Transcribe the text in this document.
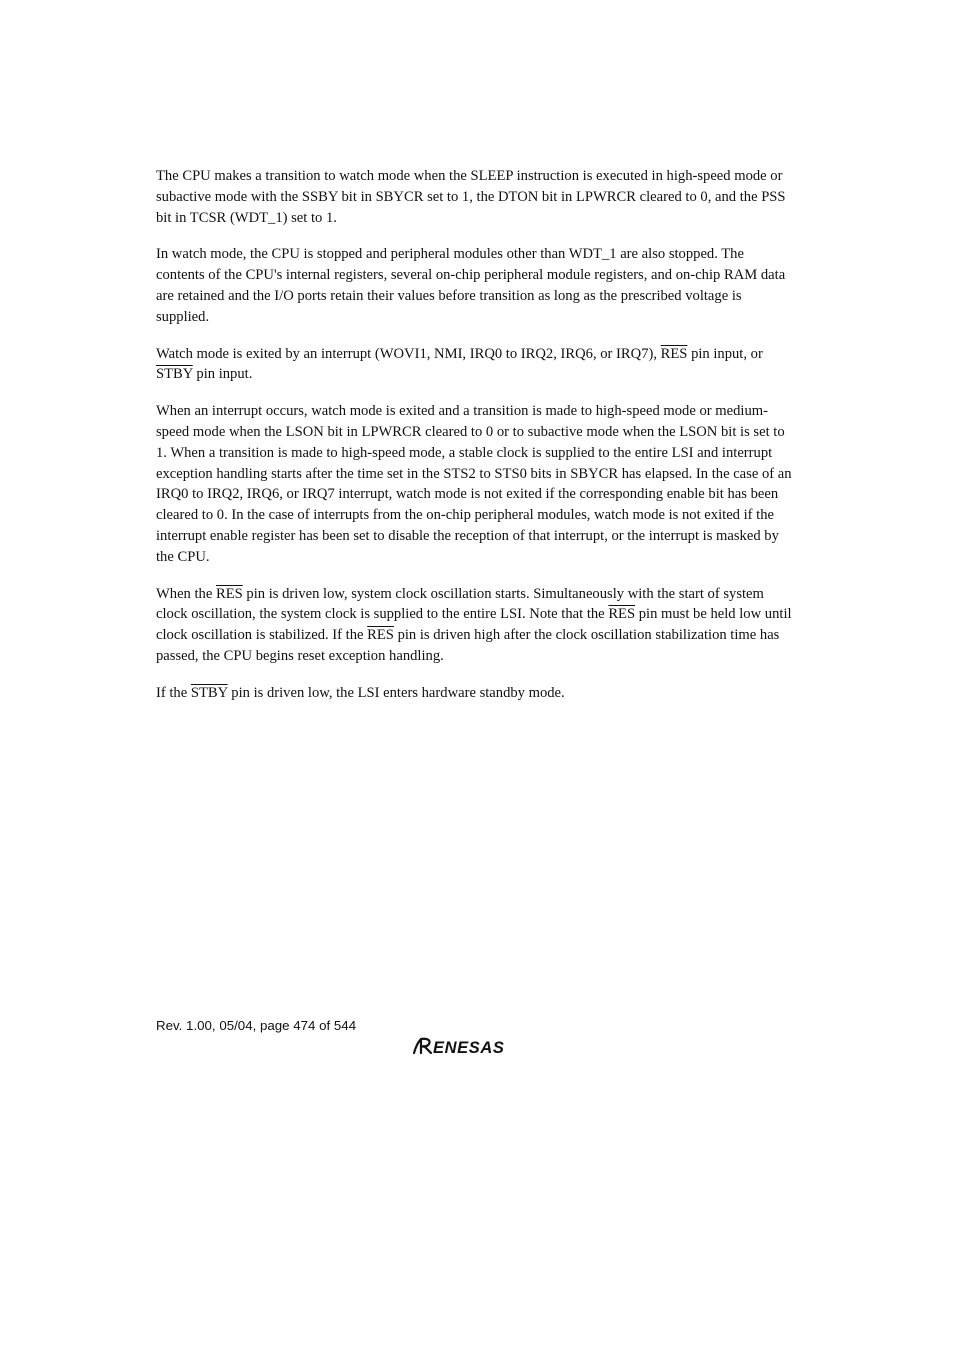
The CPU makes a transition to watch mode when the SLEEP instruction is executed in high-speed mode or subactive mode with the SSBY bit in SBYCR set to 1, the DTON bit in LPWRCR cleared to 0, and the PSS bit in TCSR (WDT_1) set to 1.

In watch mode, the CPU is stopped and peripheral modules other than WDT_1 are also stopped. The contents of the CPU's internal registers, several on-chip peripheral module registers, and on-chip RAM data are retained and the I/O ports retain their values before transition as long as the prescribed voltage is supplied.

Watch mode is exited by an interrupt (WOVI1, NMI, IRQ0 to IRQ2, IRQ6, or IRQ7), $\overline{RES}$ pin input, or STBY pin input.

When an interrupt occurs, watch mode is exited and a transition is made to high-speed mode or medium-speed mode when the LSON bit in LPWRCR cleared to 0 or to subactive mode when the LSON bit is set to 1. When a transition is made to high-speed mode, a stable clock is supplied to the entire LSI and interrupt exception handling starts after the time set in the STS2 to STS0 bits in SBYCR has elapsed. In the case of an IRQ0 to IRQ2, IRQ6, or IRQ7 interrupt, watch mode is not exited if the corresponding enable bit has been cleared to 0. In the case of interrupts from the on-chip peripheral modules, watch mode is not exited if the interrupt enable register has been set to disable the reception of that interrupt, or the interrupt is masked by the CPU.

When the $\overline{RES}$ pin is driven low, system clock oscillation starts. Simultaneously with the start of system clock oscillation, the system clock is supplied to the entire LSI. Note that the $\overline{RES}$ pin must be held low until clock oscillation is stabilized. If the $\overline{RES}$ pin is driven high after the clock oscillation stabilization time has passed, the CPU begins reset exception handling.

If the STBY pin is driven low, the LSI enters hardware standby mode.

Rev. 1.00, 05/04, page 474 of 544
ENESAS
